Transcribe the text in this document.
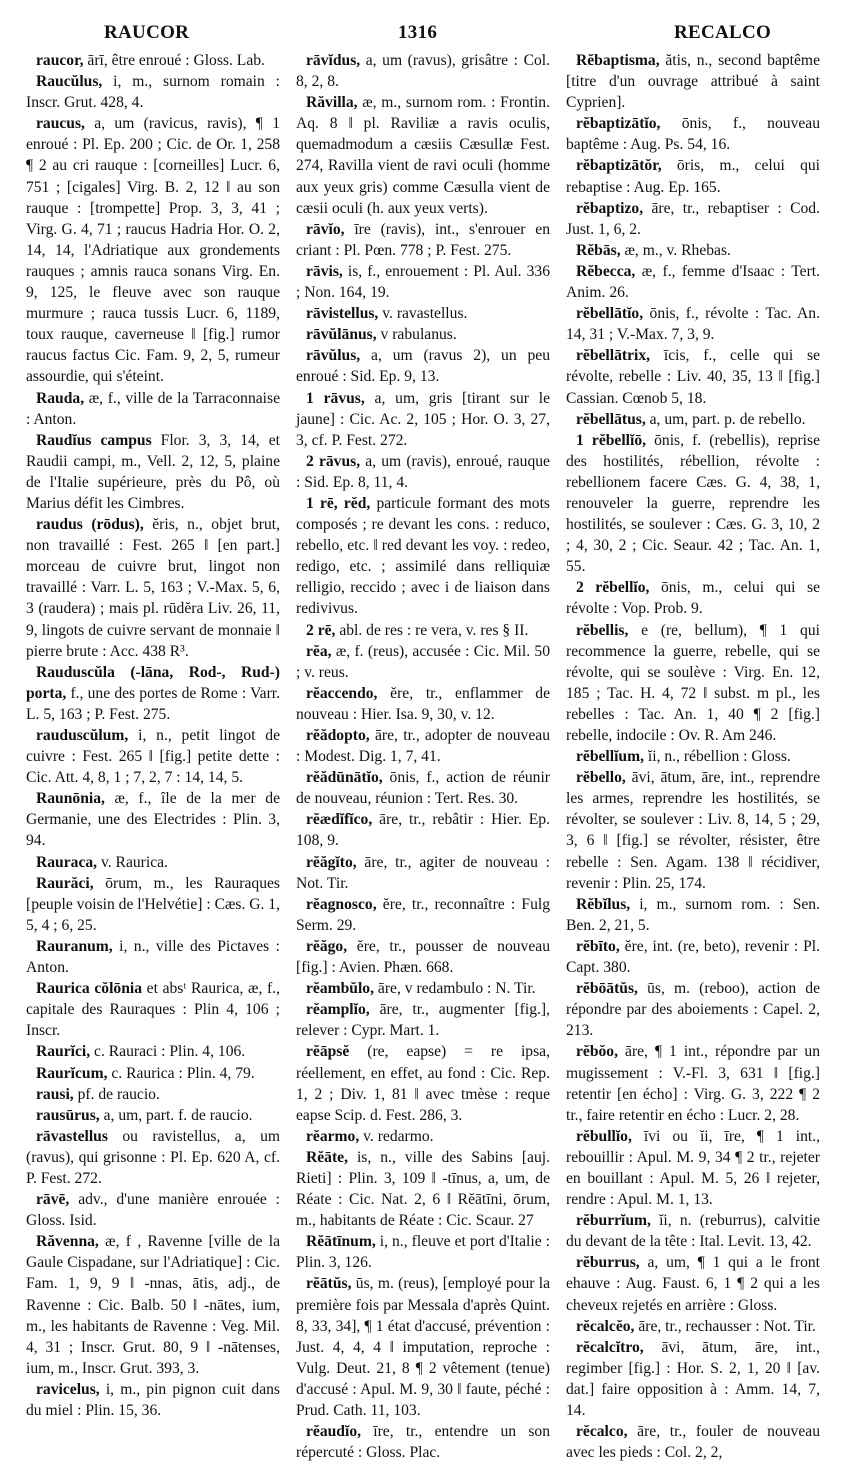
RAUCOR	1316	RECALCO

raucor, ārī, être enroué : Gloss. Lab.

Raucŭlus, i, m., surnom romain : Inscr. Grut. 428, 4.

raucus, a, um (ravicus, ravis), ¶ 1 enroué : Pl. Ep. 200 ; Cic. de Or. 1, 258 ¶ 2 au cri rauque : [corneilles] Lucr. 6, 751 ; [cigales] Virg. B. 2, 12 ‖ au son rauque : [trompette] Prop. 3, 3, 41 ; Virg. G. 4, 71 ; raucus Hadria Hor. O. 2, 14, 14, l'Adriatique aux grondements rauques ; amnis rauca sonans Virg. En. 9, 125, le fleuve avec son rauque murmure ; rauca tussis Lucr. 6, 1189, toux rauque, caverneuse ‖ [fig.] rumor raucus factus Cic. Fam. 9, 2, 5, rumeur assourdie, qui s'éteint.

Rauda, æ, f., ville de la Tarraconnaise : Anton.

Raudĭus campus Flor. 3, 3, 14, et Raudii campi, m., Vell. 2, 12, 5, plaine de l'Italie supérieure, près du Pô, où Marius défit les Cimbres.

raudus (rōdus), ĕris, n., objet brut, non travaillé : Fest. 265 ‖ [en part.] morceau de cuivre brut, lingot non travaillé : Varr. L. 5, 163 ; V.-Max. 5, 6, 3 (raudera) ; mais pl. rūdĕra Liv. 26, 11, 9, lingots de cuivre servant de monnaie ‖ pierre brute : Acc. 438 R³.

Rauduscŭla (-lāna, Rod-, Rud-) porta, f., une des portes de Rome : Varr. L. 5, 163 ; P. Fest. 275.

rauduscŭlum, i, n., petit lingot de cuivre : Fest. 265 ‖ [fig.] petite dette : Cic. Att. 4, 8, 1 ; 7, 2, 7 : 14, 14, 5.

Raunōnia, æ, f., île de la mer de Germanie, une des Electrides : Plin. 3, 94.

Rauraca, v. Raurica.

Raurăci, ōrum, m., les Rauraques [peuple voisin de l'Helvétie] : Cæs. G. 1, 5, 4 ; 6, 25.

Rauranum, i, n., ville des Pictaves : Anton.

Raurica cŏlōnia et absᵗ Raurica, æ, f., capitale des Rauraques : Plin 4, 106 ; Inscr.

Raurĭci, c. Rauraci : Plin. 4, 106.

Raurĭcum, c. Raurica : Plin. 4, 79.

rausi, pf. de raucio.

rausūrus, a, um, part. f. de raucio.

rāvastellus ou ravistellus, a, um (ravus), qui grisonne : Pl. Ep. 620 A, cf. P. Fest. 272.

rāvē, adv., d'une manière enrouée : Gloss. Isid.

Răvenna, æ, f , Ravenne [ville de la Gaule Cispadane, sur l'Adriatique] : Cic. Fam. 1, 9, 9 ‖ -nnas, ātis, adj., de Ravenne : Cic. Balb. 50 ‖ -nātes, ium, m., les habitants de Ravenne : Veg. Mil. 4, 31 ; Inscr. Grut. 80, 9 ‖ -nātenses, ium, m., Inscr. Grut. 393, 3.

ravicelus, i, m., pin pignon cuit dans du miel : Plin. 15, 36.

rāvĭdus, a, um (ravus), grisâtre : Col. 8, 2, 8.

Răvilla, æ, m., surnom rom. : Frontin. Aq. 8 ‖ pl. Raviliæ a ravis oculis, quemadmodum a cæsiis Cæsullæ Fest. 274, Ravilla vient de ravi oculi (homme aux yeux gris) comme Cæsulla vient de cæsii oculi (h. aux yeux verts).

rāvĭo, īre (ravis), int., s'enrouer en criant : Pl. Pœn. 778 ; P. Fest. 275.

rāvis, is, f., enrouement : Pl. Aul. 336 ; Non. 164, 19.

rāvistellus, v. ravastellus.

rāvŭlānus, v rabulanus.

rāvŭlus, a, um (ravus 2), un peu enroué : Sid. Ep. 9, 13.

1 rāvus, a, um, gris [tirant sur le jaune] : Cic. Ac. 2, 105 ; Hor. O. 3, 27, 3, cf. P. Fest. 272.

2 rāvus, a, um (ravis), enroué, rauque : Sid. Ep. 8, 11, 4.

1 rē, rĕd, particule formant des mots composés ; re devant les cons. : reduco, rebello, etc. ‖ red devant les voy. : redeo, redigo, etc. ; assimilé dans relliquiæ relligio, reccido ; avec i de liaison dans redivivus.

2 rē, abl. de res : re vera, v. res § II.

rĕa, æ, f. (reus), accusée : Cic. Mil. 50 ; v. reus.

rĕaccendo, ĕre, tr., enflammer de nouveau : Hier. Isa. 9, 30, v. 12.

rĕădopto, āre, tr., adopter de nouveau : Modest. Dig. 1, 7, 41.

rĕădūnātĭo, ōnis, f., action de réunir de nouveau, réunion : Tert. Res. 30.

rĕædĭfĭco, āre, tr., rebâtir : Hier. Ep. 108, 9.

rĕăgĭto, āre, tr., agiter de nouveau : Not. Tir.

rĕagnosco, ĕre, tr., reconnaître : Fulg Serm. 29.

rĕăgo, ĕre, tr., pousser de nouveau [fig.] : Avien. Phæn. 668.

rĕambŭlo, āre, v redambulo : N. Tir.

rĕamplĭo, āre, tr., augmenter [fig.], relever : Cypr. Mart. 1.

rĕāpsĕ (re, eapse) = re ipsa, réellement, en effet, au fond : Cic. Rep. 1, 2 ; Div. 1, 81 ‖ avec tmèse : reque eapse Scip. d. Fest. 286, 3.

rĕarmo, v. redarmo.

Rĕāte, is, n., ville des Sabins [auj. Rieti] : Plin. 3, 109 ‖ -tīnus, a, um, de Réate : Cic. Nat. 2, 6 ‖ Rĕātīni, ōrum, m., habitants de Réate : Cic. Scaur. 27

Rĕātīnum, i, n., fleuve et port d'Italie : Plin. 3, 126.

rĕātŭs, ūs, m. (reus), [employé pour la première fois par Messala d'après Quint. 8, 33, 34], ¶ 1 état d'accusé, prévention : Just. 4, 4, 4 ‖ imputation, reproche : Vulg. Deut. 21, 8 ¶ 2 vêtement (tenue) d'accusé : Apul. M. 9, 30 ‖ faute, péché : Prud. Cath. 11, 103.

rĕaudĭo, īre, tr., entendre un son répercuté : Gloss. Plac.

Rĕbaptisma, ătis, n., second baptême [titre d'un ouvrage attribué à saint Cyprien].

rĕbaptizātĭo, ōnis, f., nouveau baptême : Aug. Ps. 54, 16.

rĕbaptizātŏr, ōris, m., celui qui rebaptise : Aug. Ep. 165.

rĕbaptizo, āre, tr., rebaptiser : Cod. Just. 1, 6, 2.

Rĕbās, æ, m., v. Rhebas.

Rĕbecca, æ, f., femme d'Isaac : Tert. Anim. 26.

rĕbellātĭo, ōnis, f., révolte : Tac. An. 14, 31 ; V.-Max. 7, 3, 9.

rĕbellātrix, īcis, f., celle qui se révolte, rebelle : Liv. 40, 35, 13 ‖ [fig.] Cassian. Cœnob 5, 18.

rĕbellātus, a, um, part. p. de rebello.

1 rĕbellĭō, ōnis, f. (rebellis), reprise des hostilités, rébellion, révolte : rebellionem facere Cæs. G. 4, 38, 1, renouveler la guerre, reprendre les hostilités, se soulever : Cæs. G. 3, 10, 2 ; 4, 30, 2 ; Cic. Seaur. 42 ; Tac. An. 1, 55.

2 rĕbellĭo, ōnis, m., celui qui se révolte : Vop. Prob. 9.

rĕbellis, e (re, bellum), ¶ 1 qui recommence la guerre, rebelle, qui se révolte, qui se soulève : Virg. En. 12, 185 ; Tac. H. 4, 72 ‖ subst. m pl., les rebelles : Tac. An. 1, 40 ¶ 2 [fig.] rebelle, indocile : Ov. R. Am 246.

rĕbellĭum, ĭi, n., rébellion : Gloss.

rĕbello, āvi, ātum, āre, int., reprendre les armes, reprendre les hostilités, se révolter, se soulever : Liv. 8, 14, 5 ; 29, 3, 6 ‖ [fig.] se révolter, résister, être rebelle : Sen. Agam. 138 ‖ récidiver, revenir : Plin. 25, 174.

Rĕbĭlus, i, m., surnom rom. : Sen. Ben. 2, 21, 5.

rĕbīto, ĕre, int. (re, beto), revenir : Pl. Capt. 380.

rĕbōātŭs, ūs, m. (reboo), action de répondre par des aboiements : Capel. 2, 213.

rĕbŏo, āre, ¶ 1 int., répondre par un mugissement : V.-Fl. 3, 631 ‖ [fig.] retentir [en écho] : Virg. G. 3, 222 ¶ 2 tr., faire retentir en écho : Lucr. 2, 28.

rĕbullĭo, īvi ou ĭi, īre, ¶ 1 int., rebouillir : Apul. M. 9, 34 ¶ 2 tr., rejeter en bouillant : Apul. M. 5, 26 ‖ rejeter, rendre : Apul. M. 1, 13.

rĕburrĭum, ĭi, n. (reburrus), calvitie du devant de la tête : Ital. Levit. 13, 42.

rĕburrus, a, um, ¶ 1 qui a le front ehauve : Aug. Faust. 6, 1 ¶ 2 qui a les cheveux rejetés en arrière : Gloss.

rĕcalcĕo, āre, tr., rechausser : Not. Tir.

rĕcalcĭtro, āvi, ātum, āre, int., regimber [fig.] : Hor. S. 2, 1, 20 ‖ [av. dat.] faire opposition à : Amm. 14, 7, 14.

rĕcalco, āre, tr., fouler de nouveau avec les pieds : Col. 2, 2,
